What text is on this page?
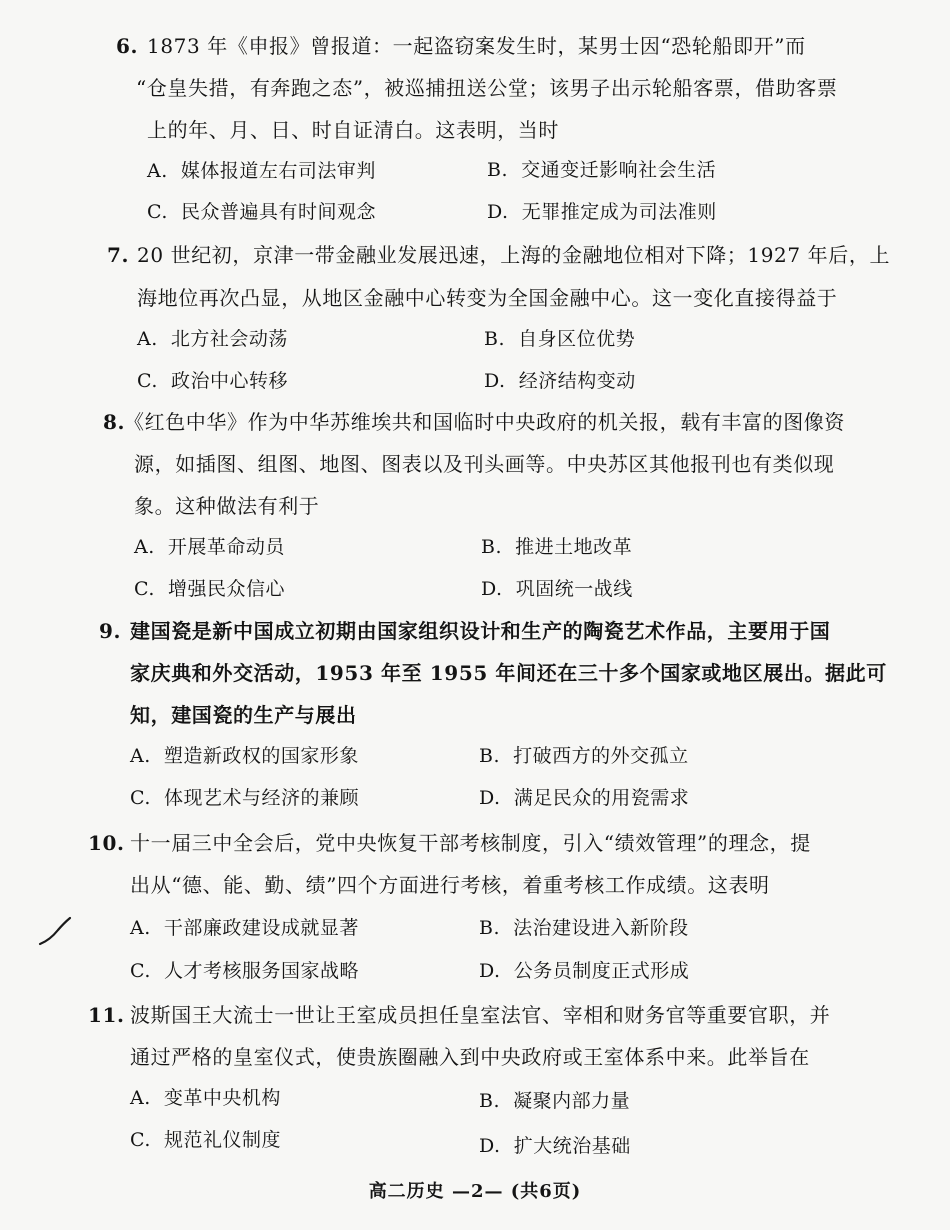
6. 1873 年《申报》曾报道：一起盗窃案发生时，某男士因“恐轮船即开”而
“仓皇失措，有奔跑之态”，被巡捕扭送公堂；该男子出示轮船客票，借助客票
上的年、月、日、时自证清白。这表明，当时
A. 媒体报道左右司法审判	B. 交通变迁影响社会生活
C. 民众普遍具有时间观念	D. 无罪推定成为司法准则
7. 20 世纪初，京津一带金融业发展迅速，上海的金融地位相对下降；1927 年后，上
海地位再次凸显，从地区金融中心转变为全国金融中心。这一变化直接得益于
A. 北方社会动荡	B. 自身区位优势
C. 政治中心转移	D. 经济结构变动
8.
《红色中华》作为中华苏维埃共和国临时中央政府的机关报，载有丰富的图像资
源，如插图、组图、地图、图表以及刊头画等。中央苏区其他报刊也有类似现
象。这种做法有利于
A. 开展革命动员	B. 推进土地改革
C. 增强民众信心	D. 巩固统一战线
9. 建国瓷是新中国成立初期由国家组织设计和生产的陶瓷艺术作品，主要用于国
家庆典和外交活动，1953 年至 1955 年间还在三十多个国家或地区展出。据此可
知，建国瓷的生产与展出
A. 塑造新政权的国家形象	B. 打破西方的外交孤立
C. 体现艺术与经济的兼顾	D. 满足民众的用瓷需求
10. 十一届三中全会后，党中央恢复干部考核制度，引入“绩效管理”的理念，提
出从“德、能、勤、绩”四个方面进行考核，着重考核工作成绩。这表明
A. 干部廉政建设成就显著	B. 法治建设进入新阶段
C. 人才考核服务国家战略	D. 公务员制度正式形成
11. 波斯国王大流士一世让王室成员担任皇室法官、宰相和财务官等重要官职，并
通过严格的皇室仪式，使贵族圈融入到中央政府或王室体系中来。此举旨在
A. 变革中央机构	B. 凝聚内部力量
C. 规范礼仪制度	D. 扩大统治基础
高二历史 —2— (共6页)
